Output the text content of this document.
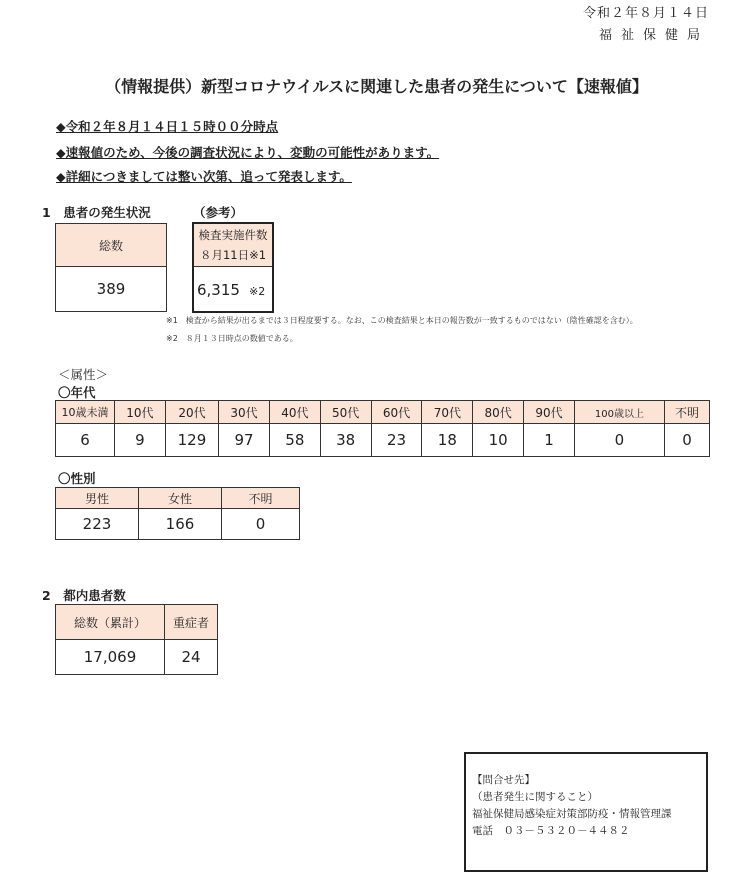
令和２年８月１４日
福祉保健局
（情報提供）新型コロナウイルスに関連した患者の発生について【速報値】
◆令和２年８月１４日１５時００分時点
◆速報値のため、今後の調査状況により、変動の可能性があります。
◆詳細につきましては整い次第、追って発表します。
1　患者の発生状況	（参考）
総数
389
検査実施件数
８月11日※1

6,315 ※2
※1　検査から結果が出るまでは３日程度要する。なお、この検査結果と本日の報告数が一致するものではない（陰性確認を含む）。
※2　８月１３日時点の数値である。
＜属性＞
〇年代
10歳未満	10代	20代	30代	40代	50代	60代	70代	80代	90代	100歳以上	不明
6	9	129	97	58	38	23	18	10	1	0	0
〇性別
男性	女性	不明
223	166	0
2　都内患者数
総数（累計）	重症者
17,069	24
【問合せ先】
（患者発生に関すること）
福祉保健局感染症対策部防疫・情報管理課
電話　０３－５３２０－４４８２
